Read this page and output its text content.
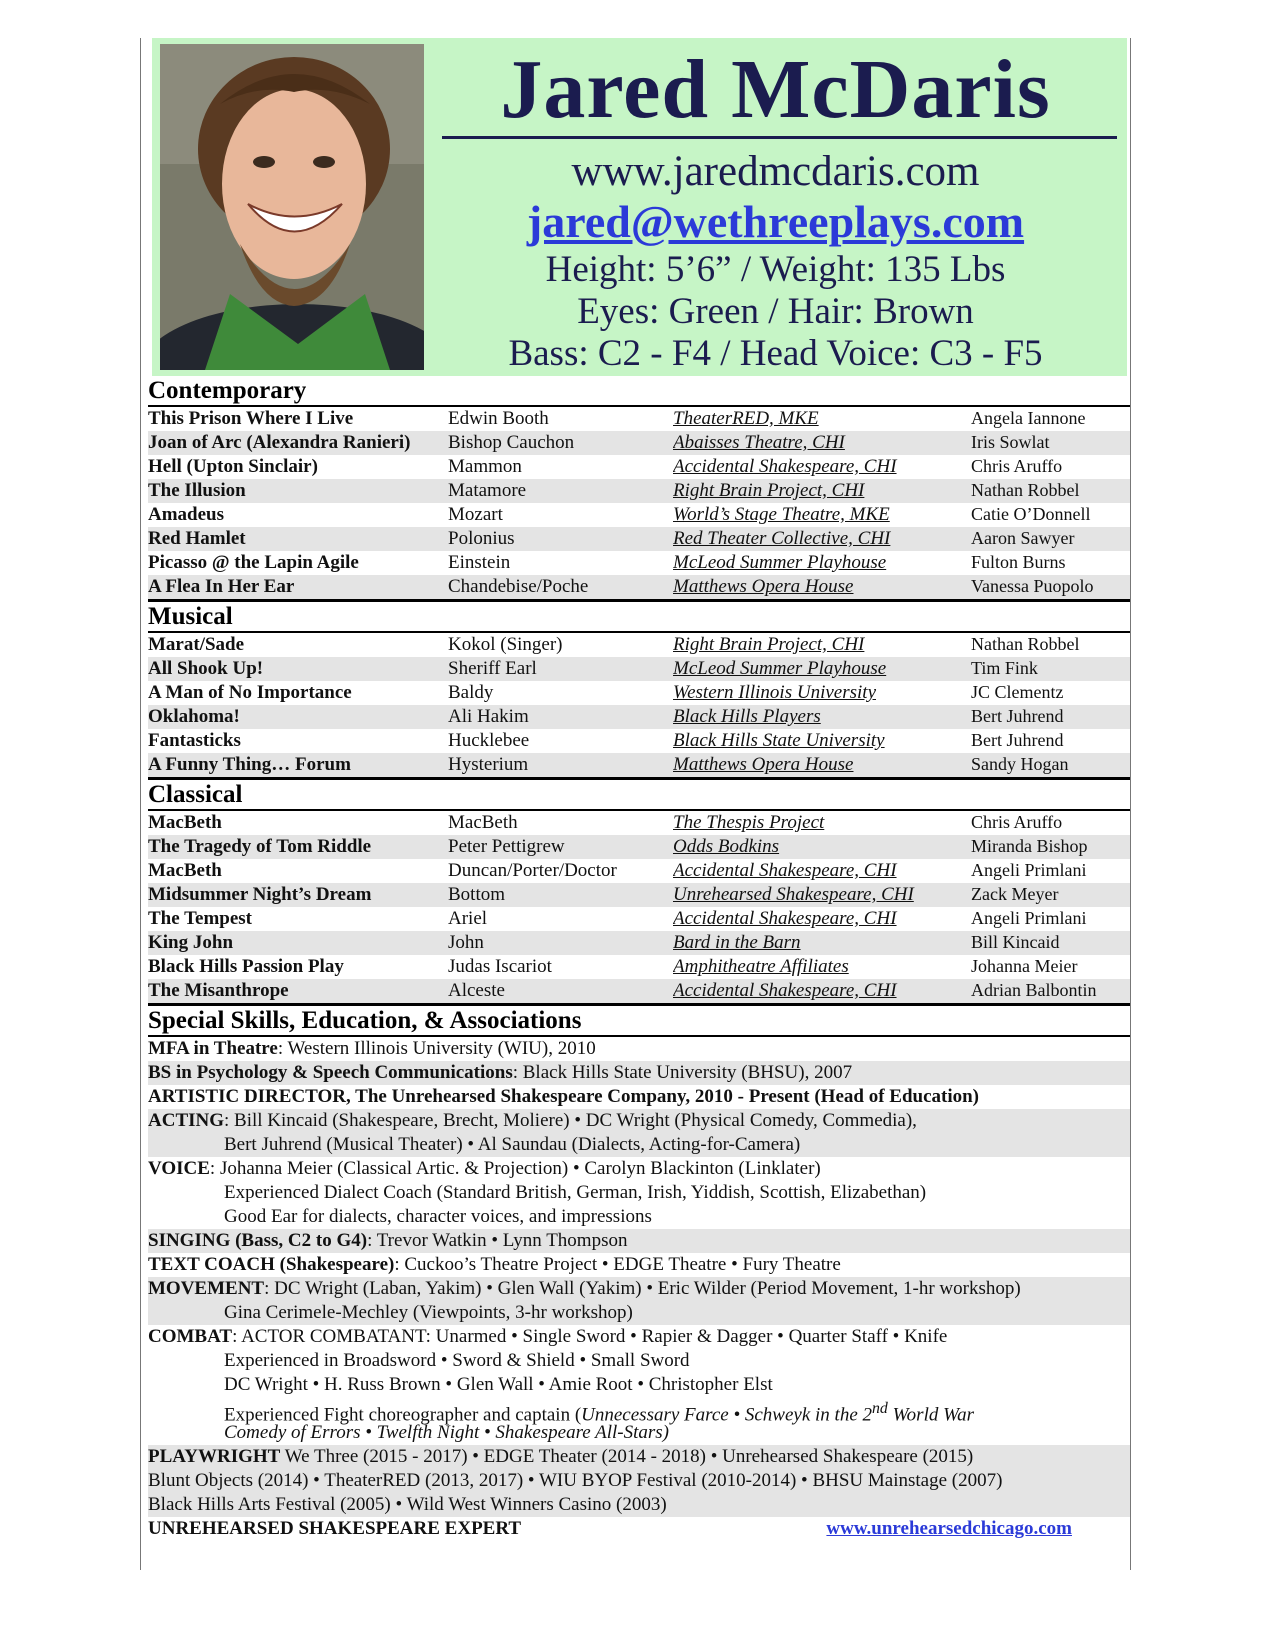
Jared McDaris
www.jaredmcdaris.com
jared@wethreeplays.com
Height: 5’6” / Weight: 135 Lbs
Eyes: Green / Hair: Brown
Bass: C2 - F4 / Head Voice: C3 - F5
Contemporary
This Prison Where I Live	Edwin Booth	TheaterRED, MKE	Angela Iannone
Joan of Arc (Alexandra Ranieri)	Bishop Cauchon	Abaisses Theatre, CHI	Iris Sowlat
Hell (Upton Sinclair)	Mammon	Accidental Shakespeare, CHI	Chris Aruffo
The Illusion	Matamore	Right Brain Project, CHI	Nathan Robbel
Amadeus	Mozart	World’s Stage Theatre, MKE	Catie O’Donnell
Red Hamlet	Polonius	Red Theater Collective, CHI	Aaron Sawyer
Picasso @ the Lapin Agile	Einstein	McLeod Summer Playhouse	Fulton Burns
A Flea In Her Ear	Chandebise/Poche	Matthews Opera House	Vanessa Puopolo
Musical
Marat/Sade	Kokol (Singer)	Right Brain Project, CHI	Nathan Robbel
All Shook Up!	Sheriff Earl	McLeod Summer Playhouse	Tim Fink
A Man of No Importance	Baldy	Western Illinois University	JC Clementz
Oklahoma!	Ali Hakim	Black Hills Players	Bert Juhrend
Fantasticks	Hucklebee	Black Hills State University	Bert Juhrend
A Funny Thing… Forum	Hysterium	Matthews Opera House	Sandy Hogan
Classical
MacBeth	MacBeth	The Thespis Project	Chris Aruffo
The Tragedy of Tom Riddle	Peter Pettigrew	Odds Bodkins	Miranda Bishop
MacBeth	Duncan/Porter/Doctor	Accidental Shakespeare, CHI	Angeli Primlani
Midsummer Night’s Dream	Bottom	Unrehearsed Shakespeare, CHI	Zack Meyer
The Tempest	Ariel	Accidental Shakespeare, CHI	Angeli Primlani
King John	John	Bard in the Barn	Bill Kincaid
Black Hills Passion Play	Judas Iscariot	Amphitheatre Affiliates	Johanna Meier
The Misanthrope	Alceste	Accidental Shakespeare, CHI	Adrian Balbontin
Special Skills, Education, & Associations
MFA in Theatre: Western Illinois University (WIU), 2010
BS in Psychology & Speech Communications: Black Hills State University (BHSU), 2007
ARTISTIC DIRECTOR, The Unrehearsed Shakespeare Company, 2010 - Present (Head of Education)
ACTING: Bill Kincaid (Shakespeare, Brecht, Moliere) • DC Wright (Physical Comedy, Commedia),
Bert Juhrend (Musical Theater) • Al Saundau (Dialects, Acting-for-Camera)
VOICE: Johanna Meier (Classical Artic. & Projection) • Carolyn Blackinton (Linklater)
Experienced Dialect Coach (Standard British, German, Irish, Yiddish, Scottish, Elizabethan)
Good Ear for dialects, character voices, and impressions
SINGING (Bass, C2 to G4): Trevor Watkin • Lynn Thompson
TEXT COACH (Shakespeare): Cuckoo’s Theatre Project • EDGE Theatre • Fury Theatre
MOVEMENT: DC Wright (Laban, Yakim) • Glen Wall (Yakim) • Eric Wilder (Period Movement, 1-hr workshop)
Gina Cerimele-Mechley (Viewpoints, 3-hr workshop)
COMBAT: ACTOR COMBATANT: Unarmed • Single Sword • Rapier & Dagger • Quarter Staff • Knife
Experienced in Broadsword • Sword & Shield • Small Sword
DC Wright • H. Russ Brown • Glen Wall • Amie Root • Christopher Elst
Experienced Fight choreographer and captain (Unnecessary Farce • Schweyk in the 2nd World War
Comedy of Errors • Twelfth Night • Shakespeare All-Stars)
PLAYWRIGHT We Three (2015 - 2017) • EDGE Theater (2014 - 2018) • Unrehearsed Shakespeare (2015)
Blunt Objects (2014) • TheaterRED (2013, 2017) • WIU BYOP Festival (2010-2014) • BHSU Mainstage (2007)
Black Hills Arts Festival (2005) • Wild West Winners Casino (2003)
UNREHEARSED SHAKESPEARE EXPERT	www.unrehearsedchicago.com
